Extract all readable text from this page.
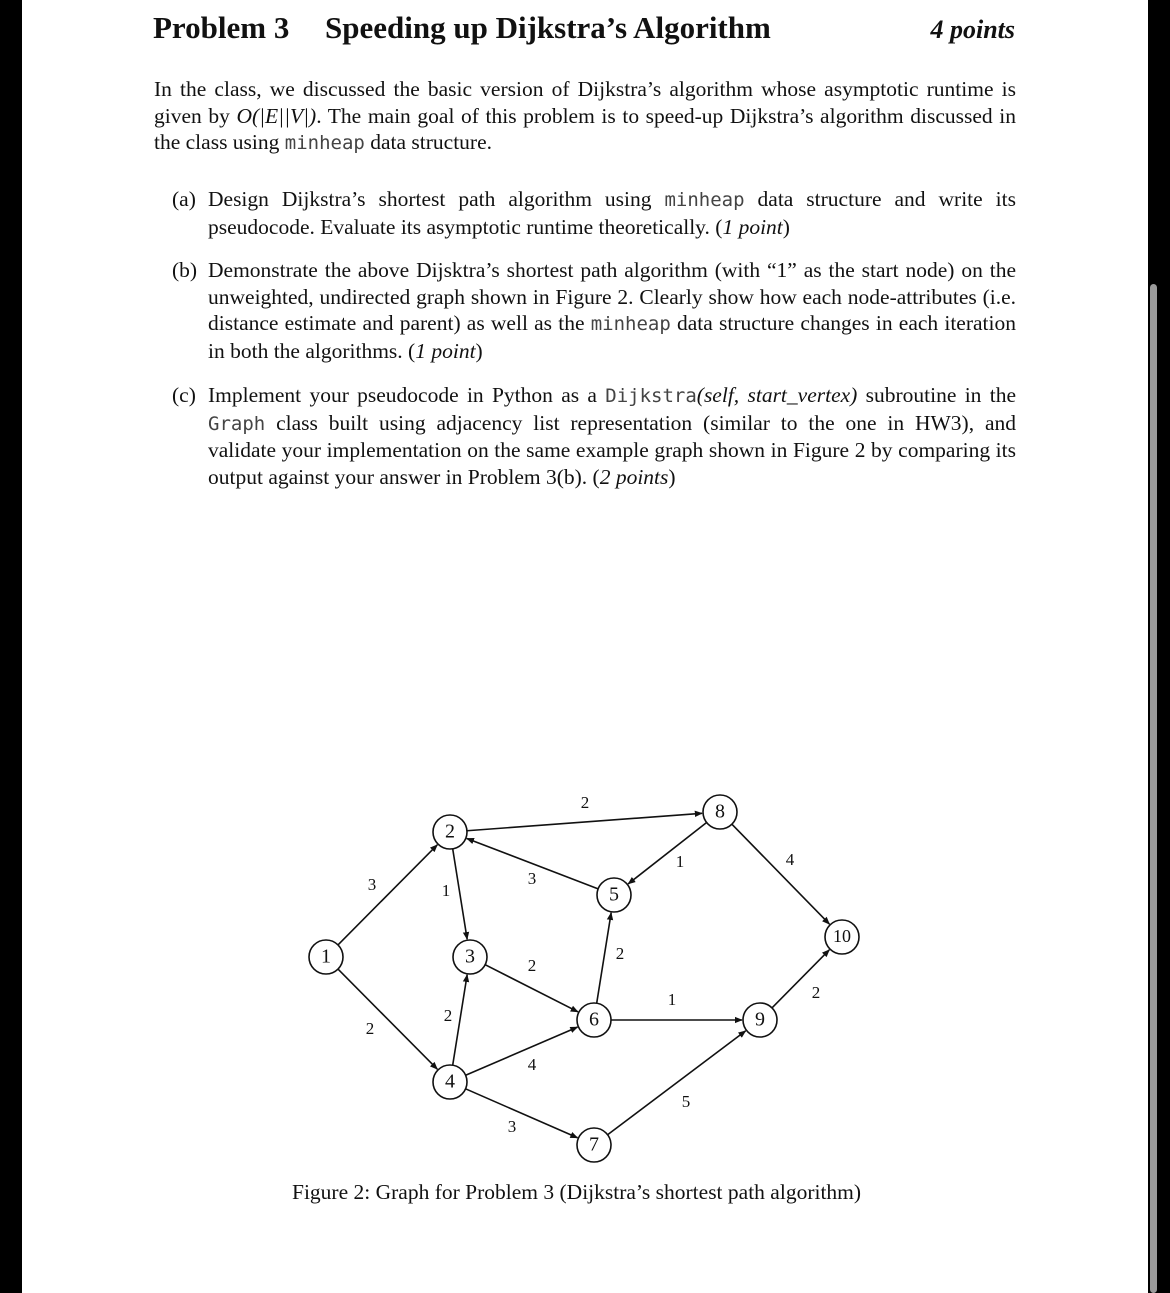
Problem 3 Speeding up Dijkstra’s Algorithm	4 points
In the class, we discussed the basic version of Dijkstra’s algorithm whose asymptotic runtime is given by O(|E||V|). The main goal of this problem is to speed-up Dijkstra’s algorithm discussed in the class using minheap data structure.
(a) Design Dijkstra’s shortest path algorithm using minheap data structure and write its pseudocode. Evaluate its asymptotic runtime theoretically. (1 point)
(b) Demonstrate the above Dijsktra’s shortest path algorithm (with “1” as the start node) on the unweighted, undirected graph shown in Figure 2. Clearly show how each node-attributes (i.e. distance estimate and parent) as well as the minheap data structure changes in each iteration in both the algorithms. (1 point)
(c) Implement your pseudocode in Python as a Dijkstra(self, start_vertex) subroutine in the Graph class built using adjacency list representation (similar to the one in HW3), and validate your implementation on the same example graph shown in Figure 2 by comparing its output against your answer in Problem 3(b). (2 points)
3
2
1
2
3
2
2
4
3
1
2
1
4
5
2
1
2
3
4
5
6
7
8
9
10
Figure 2: Graph for Problem 3 (Dijkstra’s shortest path algorithm)
